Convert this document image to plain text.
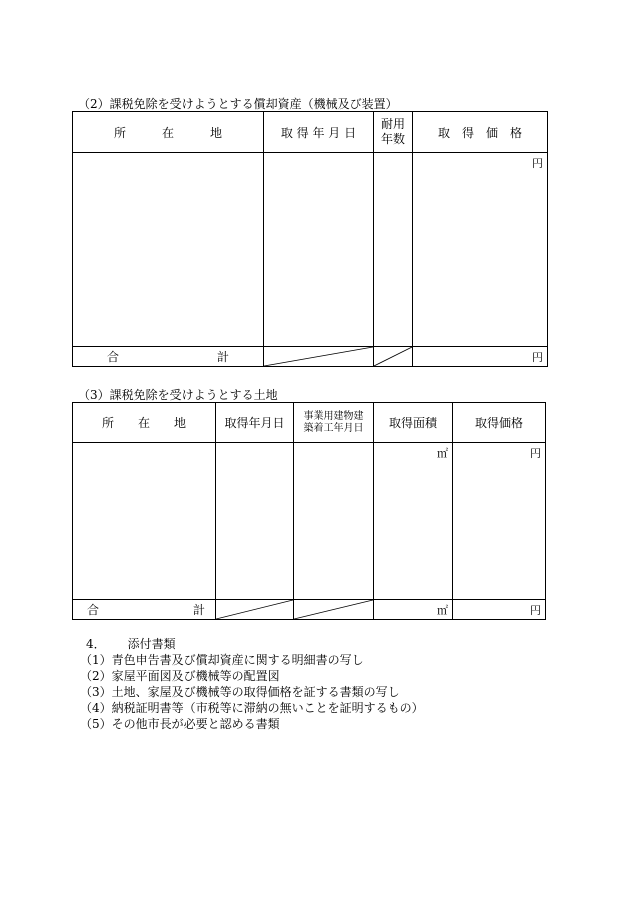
（2）課税免除を受けようとする償却資産（機械及び装置）
所　　　在　　　地	取 得 年 月 日	耐用
年数	取　得　価　格
			円

合 計			円
（3）課税免除を受けようとする土地
所　　在　　地	取得年月日	事業用建物建
築着工年月日	取得面積	取得価格
			㎡	円

合 計			㎡	円
4． 添付書類
（1）青色申告書及び償却資産に関する明細書の写し
（2）家屋平面図及び機械等の配置図
（3）土地、家屋及び機械等の取得価格を証する書類の写し
（4）納税証明書等（市税等に滞納の無いことを証明するもの）
（5）その他市長が必要と認める書類
